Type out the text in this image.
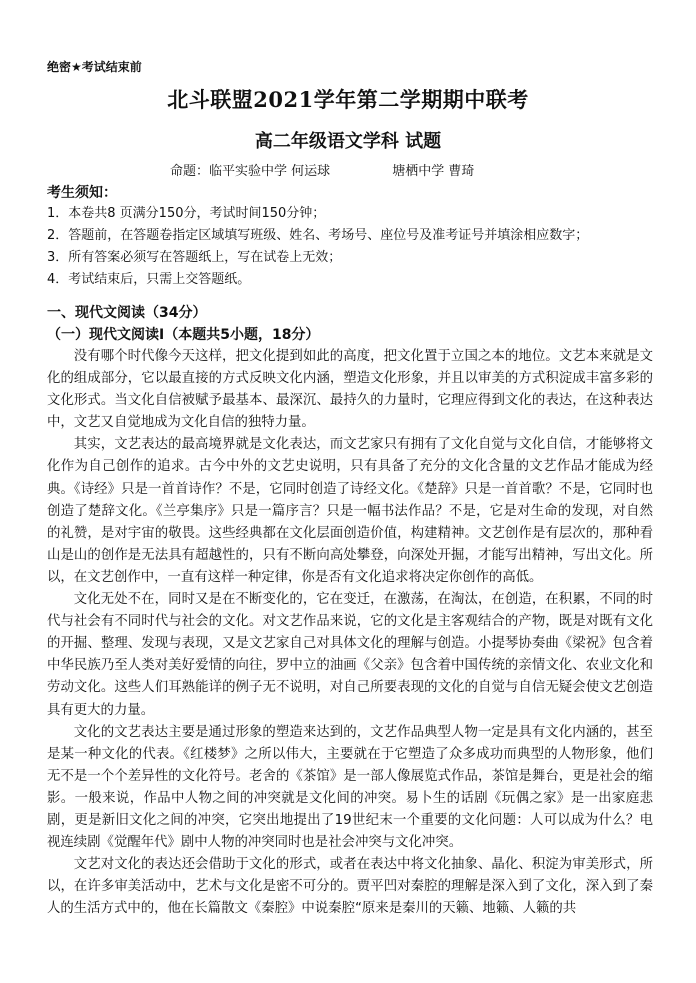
绝密★考试结束前
北斗联盟2021学年第二学期期中联考
高二年级语文学科 试题
命题：临平实验中学 何运球	塘栖中学 曹琦
考生须知：
1．本卷共8 页满分150分，考试时间150分钟；
2．答题前，在答题卷指定区域填写班级、姓名、考场号、座位号及准考证号并填涂相应数字；
3．所有答案必须写在答题纸上，写在试卷上无效；
4．考试结束后，只需上交答题纸。
一、现代文阅读（34分）
（一）现代文阅读Ⅰ（本题共5小题，18分）

没有哪个时代像今天这样，把文化提到如此的高度，把文化置于立国之本的地位。文艺本来就是文化的组成部分，它以最直接的方式反映文化内涵，塑造文化形象，并且以审美的方式积淀成丰富多彩的文化形式。当文化自信被赋予最基本、最深沉、最持久的力量时，它理应得到文化的表达，在这种表达中，文艺又自觉地成为文化自信的独特力量。

其实，文艺表达的最高境界就是文化表达，而文艺家只有拥有了文化自觉与文化自信，才能够将文化作为自己创作的追求。古今中外的文艺史说明，只有具备了充分的文化含量的文艺作品才能成为经典。《诗经》只是一首首诗作？不是，它同时创造了诗经文化。《楚辞》只是一首首歌？不是，它同时也创造了楚辞文化。《兰亭集序》只是一篇序言？只是一幅书法作品？不是，它是对生命的发现，对自然的礼赞，是对宇宙的敬畏。这些经典都在文化层面创造价值，构建精神。文艺创作是有层次的，那种看山是山的创作是无法具有超越性的，只有不断向高处攀登，向深处开掘，才能写出精神，写出文化。所以，在文艺创作中，一直有这样一种定律，你是否有文化追求将决定你创作的高低。

文化无处不在，同时又是在不断变化的，它在变迁，在激荡，在淘汰，在创造，在积累，不同的时代与社会有不同时代与社会的文化。对文艺作品来说，它的文化是主客观结合的产物，既是对既有文化的开掘、整理、发现与表现，又是文艺家自己对具体文化的理解与创造。小提琴协奏曲《梁祝》包含着中华民族乃至人类对美好爱情的向往，罗中立的油画《父亲》包含着中国传统的亲情文化、农业文化和劳动文化。这些人们耳熟能详的例子无不说明，对自己所要表现的文化的自觉与自信无疑会使文艺创造具有更大的力量。

文化的文艺表达主要是通过形象的塑造来达到的，文艺作品典型人物一定是具有文化内涵的，甚至是某一种文化的代表。《红楼梦》之所以伟大，主要就在于它塑造了众多成功而典型的人物形象，他们无不是一个个差异性的文化符号。老舍的《茶馆》是一部人像展览式作品，茶馆是舞台，更是社会的缩影。一般来说，作品中人物之间的冲突就是文化间的冲突。易卜生的话剧《玩偶之家》是一出家庭悲剧，更是新旧文化之间的冲突，它突出地提出了19世纪末一个重要的文化问题：人可以成为什么？电视连续剧《觉醒年代》剧中人物的冲突同时也是社会冲突与文化冲突。

文艺对文化的表达还会借助于文化的形式，或者在表达中将文化抽象、晶化、积淀为审美形式，所以，在许多审美活动中，艺术与文化是密不可分的。贾平凹对秦腔的理解是深入到了文化，深入到了秦人的生活方式中的，他在长篇散文《秦腔》中说秦腔“原来是秦川的天籁、地籁、人籁的共
